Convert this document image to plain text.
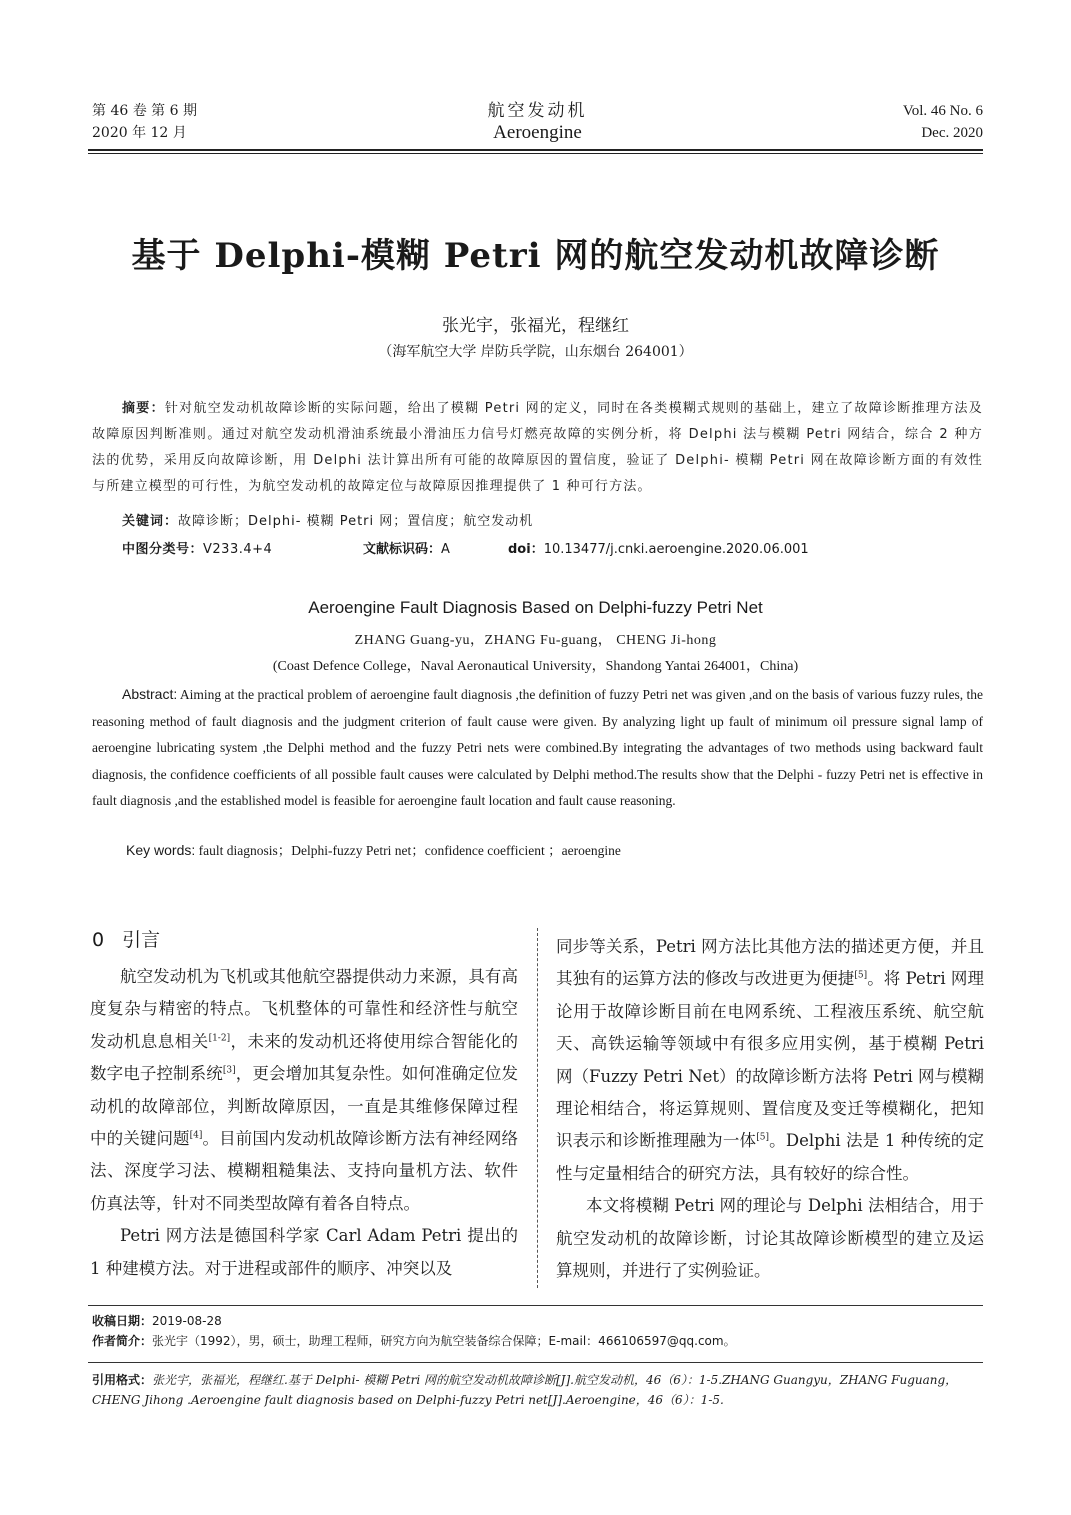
第 46 卷 第 6 期
2020 年 12 月
航空发动机
Aeroengine
Vol. 46 No. 6
Dec. 2020
基于 Delphi-模糊 Petri 网的航空发动机故障诊断
张光宇，张福光，程继红
（海军航空大学 岸防兵学院，山东烟台 264001）
摘要：针对航空发动机故障诊断的实际问题，给出了模糊 Petri 网的定义，同时在各类模糊式规则的基础上，建立了故障诊断推理方法及故障原因判断准则。通过对航空发动机滑油系统最小滑油压力信号灯燃亮故障的实例分析，将 Delphi 法与模糊 Petri 网结合，综合 2 种方法的优势，采用反向故障诊断，用 Delphi 法计算出所有可能的故障原因的置信度，验证了 Delphi- 模糊 Petri 网在故障诊断方面的有效性与所建立模型的可行性，为航空发动机的故障定位与故障原因推理提供了 1 种可行方法。
关键词：故障诊断；Delphi- 模糊 Petri 网；置信度；航空发动机
中图分类号：V233.4+4	文献标识码：A	doi：10.13477/j.cnki.aeroengine.2020.06.001
Aeroengine Fault Diagnosis Based on Delphi-fuzzy Petri Net
ZHANG Guang-yu，ZHANG Fu-guang， CHENG Ji-hong
(Coast Defence College，Naval Aeronautical University，Shandong Yantai 264001，China)
Abstract: Aiming at the practical problem of aeroengine fault diagnosis ,the definition of fuzzy Petri net was given ,and on the basis of various fuzzy rules, the reasoning method of fault diagnosis and the judgment criterion of fault cause were given. By analyzing light up fault of minimum oil pressure signal lamp of aeroengine lubricating system ,the Delphi method and the fuzzy Petri nets were combined.By integrating the advantages of two methods using backward fault diagnosis, the confidence coefficients of all possible fault causes were calculated by Delphi method.The results show that the Delphi - fuzzy Petri net is effective in fault diagnosis ,and the established model is feasible for aeroengine fault location and fault cause reasoning.
Key words: fault diagnosis；Delphi-fuzzy Petri net；confidence coefficient ；aeroengine
0 引言

航空发动机为飞机或其他航空器提供动力来源，具有高度复杂与精密的特点。飞机整体的可靠性和经济性与航空发动机息息相关[1-2]，未来的发动机还将使用综合智能化的数字电子控制系统[3]，更会增加其复杂性。如何准确定位发动机的故障部位，判断故障原因，一直是其维修保障过程中的关键问题[4]。目前国内发动机故障诊断方法有神经网络法、深度学习法、模糊粗糙集法、支持向量机方法、软件仿真法等，针对不同类型故障有着各自特点。

Petri 网方法是德国科学家 Carl Adam Petri 提出的 1 种建模方法。对于进程或部件的顺序、冲突以及

同步等关系，Petri 网方法比其他方法的描述更方便，并且其独有的运算方法的修改与改进更为便捷[5]。将 Petri 网理论用于故障诊断目前在电网系统、工程液压系统、航空航天、高铁运输等领域中有很多应用实例，基于模糊 Petri 网（Fuzzy Petri Net）的故障诊断方法将 Petri 网与模糊理论相结合，将运算规则、置信度及变迁等模糊化，把知识表示和诊断推理融为一体[5]。Delphi 法是 1 种传统的定性与定量相结合的研究方法，具有较好的综合性。

本文将模糊 Petri 网的理论与 Delphi 法相结合，用于航空发动机的故障诊断，讨论其故障诊断模型的建立及运算规则，并进行了实例验证。

收稿日期：2019-08-28
作者简介：张光宇（1992），男，硕士，助理工程师，研究方向为航空装备综合保障；E-mail：466106597@qq.com。
引用格式：张光宇，张福光，程继红.基于 Delphi- 模糊 Petri 网的航空发动机故障诊断[J].航空发动机，46（6）：1-5.ZHANG Guangyu，ZHANG Fuguang，CHENG Jihong .Aeroengine fault diagnosis based on Delphi-fuzzy Petri net[J].Aeroengine，46（6）：1-5.
